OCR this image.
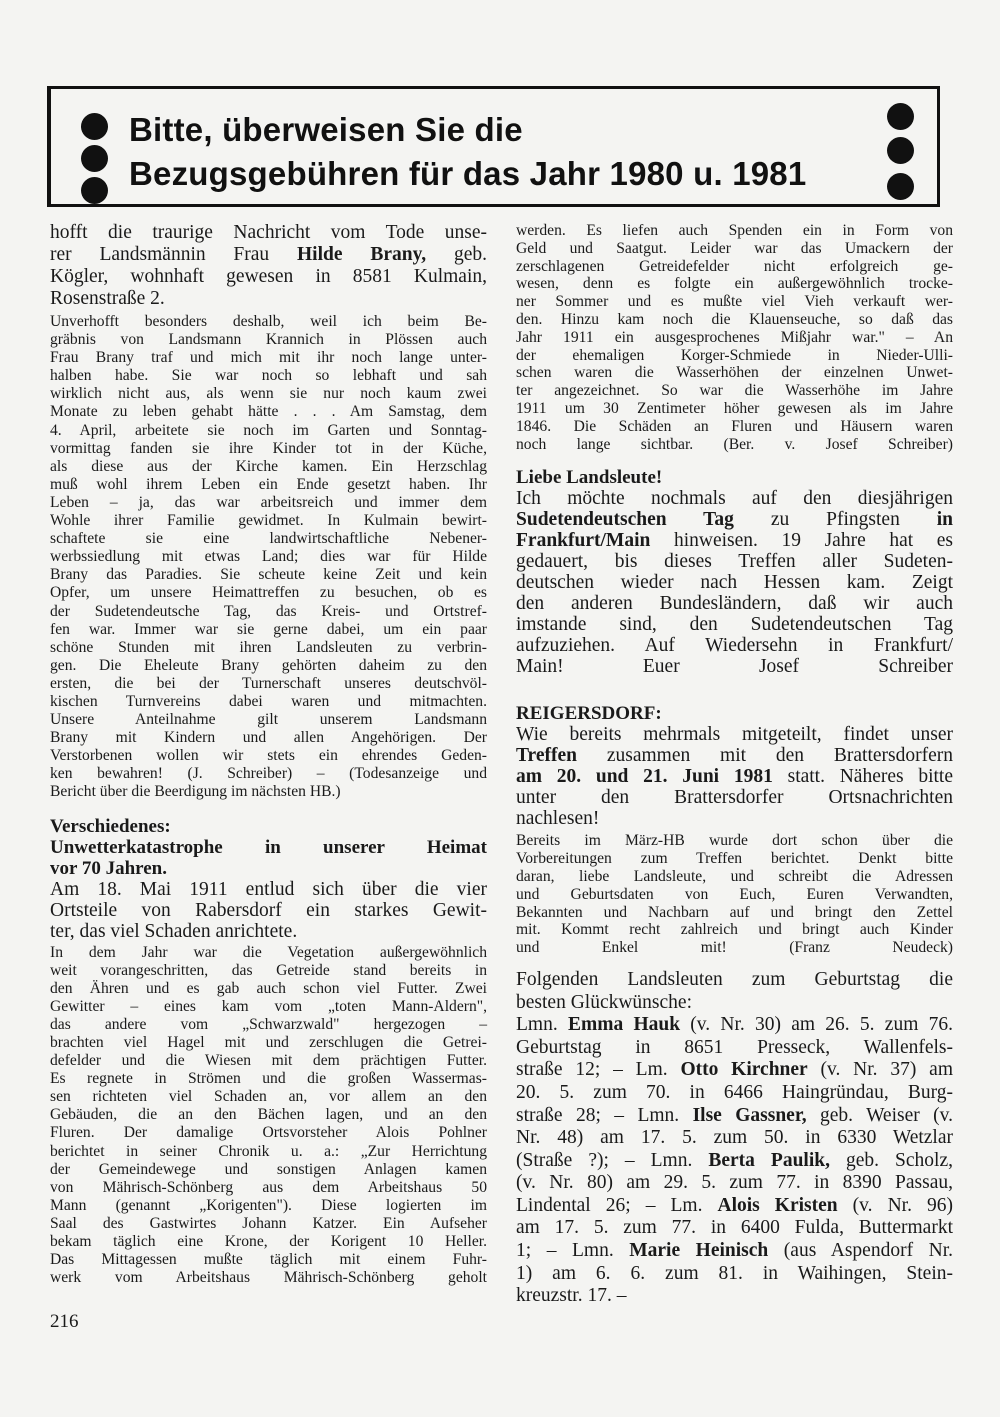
Bitte, überweisen Sie die
Bezugsgebühren für das Jahr 1980 u. 1981
hofft die traurige Nachricht vom Tode unse-
rer Landsmännin Frau Hilde Brany, geb.
Kögler, wohnhaft gewesen in 8581 Kulmain,
Rosenstraße 2.
Unverhofft besonders deshalb, weil ich beim Be-
gräbnis von Landsmann Krannich in Plössen auch
Frau Brany traf und mich mit ihr noch lange unter-
halben habe. Sie war noch so lebhaft und sah
wirklich nicht aus, als wenn sie nur noch kaum zwei
Monate zu leben gehabt hätte . . . Am Samstag, dem
4. April, arbeitete sie noch im Garten und Sonntag-
vormittag fanden sie ihre Kinder tot in der Küche,
als diese aus der Kirche kamen. Ein Herzschlag
muß wohl ihrem Leben ein Ende gesetzt haben. Ihr
Leben – ja, das war arbeitsreich und immer dem
Wohle ihrer Familie gewidmet. In Kulmain bewirt-
schaftete sie eine landwirtschaftliche Nebener-
werbssiedlung mit etwas Land; dies war für Hilde
Brany das Paradies. Sie scheute keine Zeit und kein
Opfer, um unsere Heimattreffen zu besuchen, ob es
der Sudetendeutsche Tag, das Kreis- und Ortstref-
fen war. Immer war sie gerne dabei, um ein paar
schöne Stunden mit ihren Landsleuten zu verbrin-
gen. Die Eheleute Brany gehörten daheim zu den
ersten, die bei der Turnerschaft unseres deutschvöl-
kischen Turnvereins dabei waren und mitmachten.
Unsere Anteilnahme gilt unserem Landsmann
Brany mit Kindern und allen Angehörigen. Der
Verstorbenen wollen wir stets ein ehrendes Geden-
ken bewahren! (J. Schreiber) – (Todesanzeige und
Bericht über die Beerdigung im nächsten HB.)
Verschiedenes:
Unwetterkatastrophe in unserer Heimat
vor 70 Jahren.
Am 18. Mai 1911 entlud sich über die vier
Ortsteile von Rabersdorf ein starkes Gewit-
ter, das viel Schaden anrichtete.
In dem Jahr war die Vegetation außergewöhnlich
weit vorangeschritten, das Getreide stand bereits in
den Ähren und es gab auch schon viel Futter. Zwei
Gewitter – eines kam vom „toten Mann-Aldern",
das andere vom „Schwarzwald" hergezogen –
brachten viel Hagel mit und zerschlugen die Getrei-
defelder und die Wiesen mit dem prächtigen Futter.
Es regnete in Strömen und die großen Wassermas-
sen richteten viel Schaden an, vor allem an den
Gebäuden, die an den Bächen lagen, und an den
Fluren. Der damalige Ortsvorsteher Alois Pohlner
berichtet in seiner Chronik u. a.: „Zur Herrichtung
der Gemeindewege und sonstigen Anlagen kamen
von Mährisch-Schönberg aus dem Arbeitshaus 50
Mann (genannt „Korigenten"). Diese logierten im
Saal des Gastwirtes Johann Katzer. Ein Aufseher
bekam täglich eine Krone, der Korigent 10 Heller.
Das Mittagessen mußte täglich mit einem Fuhr-
werk vom Arbeitshaus Mährisch-Schönberg geholt
werden. Es liefen auch Spenden ein in Form von
Geld und Saatgut. Leider war das Umackern der
zerschlagenen Getreidefelder nicht erfolgreich ge-
wesen, denn es folgte ein außergewöhnlich trocke-
ner Sommer und es mußte viel Vieh verkauft wer-
den. Hinzu kam noch die Klauenseuche, so daß das
Jahr 1911 ein ausgesprochenes Mißjahr war." – An
der ehemaligen Korger-Schmiede in Nieder-Ulli-
schen waren die Wasserhöhen der einzelnen Unwet-
ter angezeichnet. So war die Wasserhöhe im Jahre
1911 um 30 Zentimeter höher gewesen als im Jahre
1846. Die Schäden an Fluren und Häusern waren
noch lange sichtbar. (Ber. v. Josef Schreiber)
Liebe Landsleute!
Ich möchte nochmals auf den diesjährigen
Sudetendeutschen Tag zu Pfingsten in
Frankfurt/Main hinweisen. 19 Jahre hat es
gedauert, bis dieses Treffen aller Sudeten-
deutschen wieder nach Hessen kam. Zeigt
den anderen Bundesländern, daß wir auch
imstande sind, den Sudetendeutschen Tag
aufzuziehen. Auf Wiedersehn in Frankfurt/
Main! Euer Josef Schreiber
REIGERSDORF:
Wie bereits mehrmals mitgeteilt, findet unser
Treffen zusammen mit den Brattersdorfern
am 20. und 21. Juni 1981 statt. Näheres bitte
unter den Brattersdorfer Ortsnachrichten
nachlesen!
Bereits im März-HB wurde dort schon über die
Vorbereitungen zum Treffen berichtet. Denkt bitte
daran, liebe Landsleute, und schreibt die Adressen
und Geburtsdaten von Euch, Euren Verwandten,
Bekannten und Nachbarn auf und bringt den Zettel
mit. Kommt recht zahlreich und bringt auch Kinder
und Enkel mit! (Franz Neudeck)
Folgenden Landsleuten zum Geburtstag die
besten Glückwünsche:
Lmn. Emma Hauk (v. Nr. 30) am 26. 5. zum 76.
Geburtstag in 8651 Presseck, Wallenfels-
straße 12; – Lm. Otto Kirchner (v. Nr. 37) am
20. 5. zum 70. in 6466 Haingründau, Burg-
straße 28; – Lmn. Ilse Gassner, geb. Weiser (v.
Nr. 48) am 17. 5. zum 50. in 6330 Wetzlar
(Straße ?); – Lmn. Berta Paulik, geb. Scholz,
(v. Nr. 80) am 29. 5. zum 77. in 8390 Passau,
Lindental 26; – Lm. Alois Kristen (v. Nr. 96)
am 17. 5. zum 77. in 6400 Fulda, Buttermarkt
1; – Lmn. Marie Heinisch (aus Aspendorf Nr.
1) am 6. 6. zum 81. in Waihingen, Stein-
kreuzstr. 17. –
216
